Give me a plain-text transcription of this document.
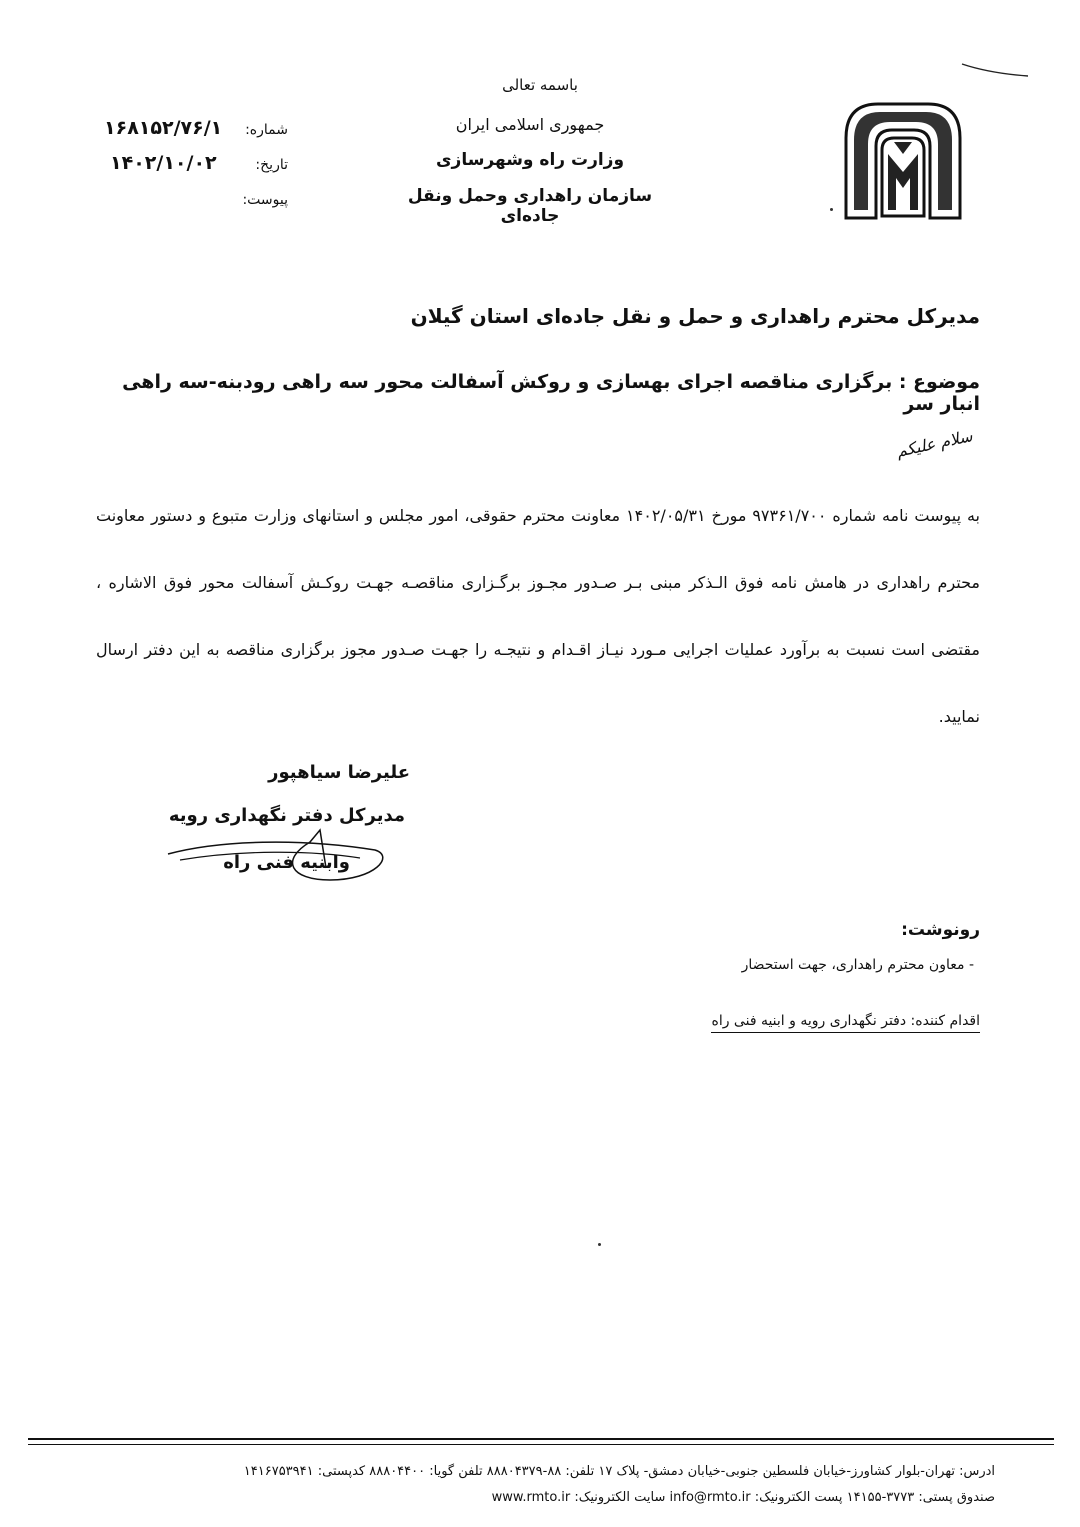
باسمه تعالی
جمهوری اسلامی ایران
وزارت راه وشهرسازی
سازمان راهداری وحمل ونقل جاده‌ای
شماره:
۱۶۸۱۵۲/۷۶/۱
تاریخ:
۱۴۰۲/۱۰/۰۲
پیوست:
مدیرکل محترم راهداری و حمل و نقل جاده‌ای استان گیلان
موضوع : برگزاری مناقصه اجرای بهسازی و روکش آسفالت محور سه راهی رودبنه-سه راهی انبار سر
سلام علیکم
به پیوست نامه شماره ۹۷۳۶۱/۷۰۰ مورخ ۱۴۰۲/۰۵/۳۱ معاونت محترم حقوقی، امور مجلس و استانهای وزارت متبوع و دستور معاونت محترم راهداری در هامش نامه فوق الـذکر مبنی بـر صـدور مجـوز برگـزاری مناقصـه جهـت روکـش آسفالت محور فوق الاشاره ، مقتضی است نسبت به برآورد عملیات اجرایی مـورد نیـاز اقـدام و نتیجـه را جهـت صـدور مجوز برگزاری مناقصه به این دفتر ارسال نمایید.
علیرضا سیاهپور
مدیرکل دفتر نگهداری رویه
وابنیه فنی راه
رونوشت:
- معاون محترم راهداری، جهت استحضار
اقدام کننده: دفتر نگهداری رویه و ابنیه فنی راه
ادرس: تهران-بلوار کشاورز-خیابان فلسطین جنوبی-خیابان دمشق- پلاک ۱۷ تلفن: ۸۸-۸۸۸۰۴۳۷۹ تلفن گویا: ۸۸۸۰۴۴۰۰ کدپستی: ۱۴۱۶۷۵۳۹۴۱
صندوق پستی: ۳۷۷۳-۱۴۱۵۵ پست الکترونیک: info@rmto.ir سایت الکترونیک: www.rmto.ir
